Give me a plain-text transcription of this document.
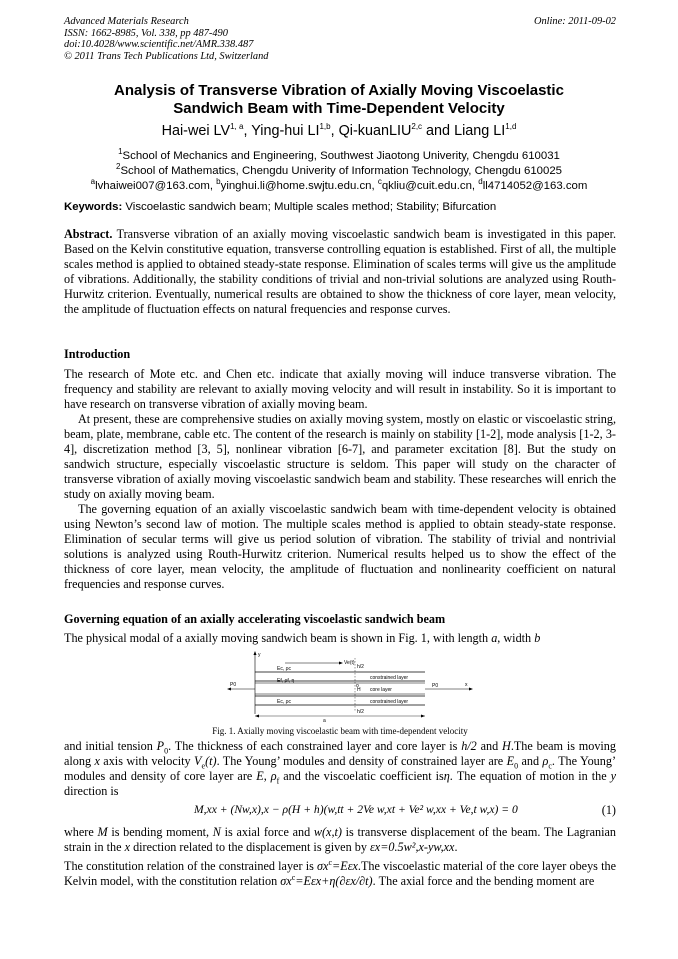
Advanced Materials Research
ISSN: 1662-8985, Vol. 338, pp 487-490
doi:10.4028/www.scientific.net/AMR.338.487
© 2011 Trans Tech Publications Ltd, Switzerland
Online: 2011-09-02
Analysis of Transverse Vibration of Axially Moving Viscoelastic
Sandwich Beam with Time-Dependent Velocity
Hai-wei LV$^{1, a}$, Ying-hui LI$^{1,b}$, Qi-kuanLIU$^{2,c}$ and Liang LI$^{1,d}$
$^1$School of Mechanics and Engineering, Southwest Jiaotong Univerity, Chengdu 610031
$^2$School of Mathematics, Chengdu Univerity of Information Technology, Chengdu 610025
$^a$lvhaiwei007@163.com, $^b$yinghui.li@home.swjtu.edu.cn, $^c$qkliu@cuit.edu.cn, $^d$ll4714052@163.com
Keywords: Viscoelastic sandwich beam; Multiple scales method; Stability; Bifurcation
Abstract. Transverse vibration of an axially moving viscoelastic sandwich beam is investigated in this paper. Based on the Kelvin constitutive equation, transverse controlling equation is established. First of all, the multiple scales method is applied to obtained steady-state response. Elimination of scales terms will give us the amplitude of vibrations. Additionally, the stability conditions of trivial and non-trivial solutions are analyzed using Routh-Hurwitz criterion. Eventually, numerical results are obtained to show the thickness of core layer, mean velocity, the amplitude of fluctuation effects on natural frequencies and response curves.
Introduction
The research of Mote etc. and Chen etc. indicate that axially moving will induce transverse vibration. The frequency and stability are relevant to axially moving velocity and will result in instability. So it is important to have research on transverse vibration of axially moving beam.
At present, these are comprehensive studies on axially moving system, mostly on elastic or viscoelastic string, beam, plate, membrane, cable etc. The content of the research is mainly on stability [1-2], mode analysis [1-2, 3-4], discretization method [3, 5], nonlinear vibration [6-7], and parameter excitation [8]. But the study on sandwich structure, especially viscoelastic structure is seldom. This paper will study on the character of transverse vibration of axially moving viscoelastic sandwich beam and stability. These researches will enrich the study on axially moving beam.
The governing equation of an axially viscoelastic sandwich beam with time-dependent velocity is obtained using Newton’s second law of motion. The multiple scales method is applied to obtain steady-state response. Elimination of secular terms will give us period solution of vibration. The stability of trivial and nontrivial solutions is analyzed using Routh-Hurwitz criterion. Numerical results helped us to show the effect of the thickness of core layer, mean velocity, the amplitude of fluctuation and nonlinearity coefficient on natural frequencies and response curves.
Governing equation of an axially accelerating viscoelastic sandwich beam
The physical modal of a axially moving sandwich beam is shown in Fig. 1, with length a, width b
y
Ve(t)
P0	P0	x
Ec, ρc
Ef, ρf, η
Ec, ρc
constrained layer
core layer
constrained layer
h/2
H
h/2
o
a
Fig. 1. Axially moving viscoelastic beam with time-dependent velocity
and initial tension $P_0$. The thickness of each constrained layer and core layer is h/2 and H.The beam is moving along x axis with velocity $V_e(t)$. The Young’ modules and density of constrained layer are $E_0$ and $\rho_c$. The Young’ modules and density of core layer are E, $\rho_f$ and the viscoelatic coefficient isη. The equation of motion in the y direction is
M,xx + (Nw,x),x − ρ(H + h)(w,tt + 2Ve w,xt + Ve² w,xx + Ve,t w,x) = 0	(1)
where M is bending moment, N is axial force and w(x,t) is transverse displacement of the beam. The Lagranian strain in the x direction related to the displacement is given by εx=0.5w²,x-yw,xx.
The constitution relation of the constrained layer is $\sigma x^c=E\varepsilon x.The$ viscoelastic material of the core layer obeys the Kelvin model, with the constitution relation $\sigma x^c=E\varepsilon x+\eta(\partial\varepsilon x/\partial t)$. The axial force and the bending moment are
